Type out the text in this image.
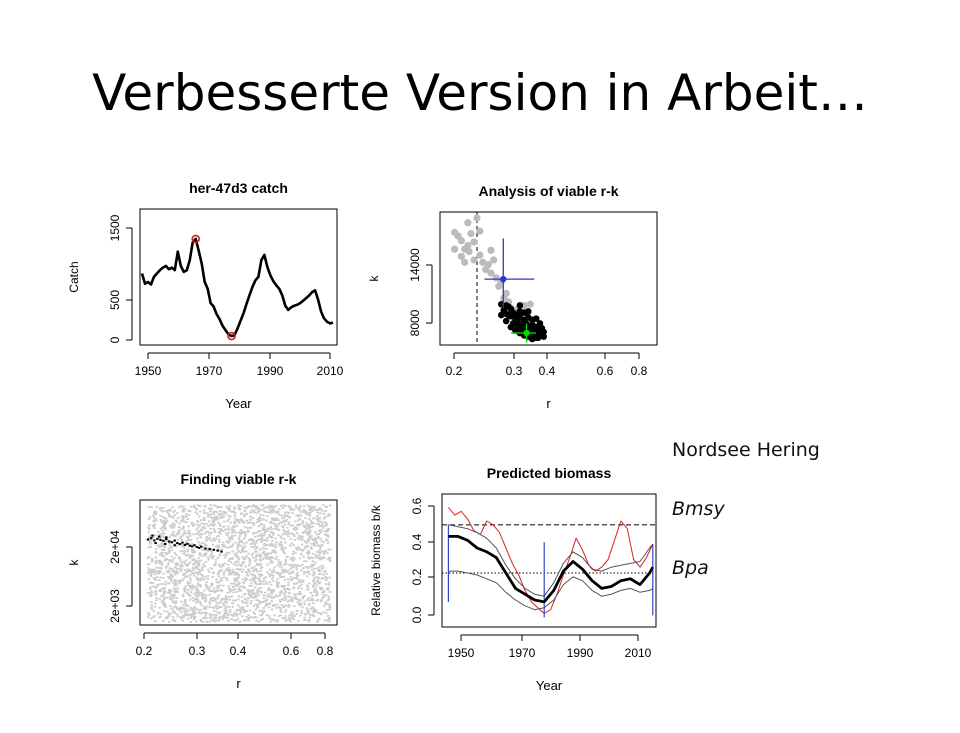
Verbesserte Version in Arbeit…
her-47d3 catch
Year
Catch
1950	1970	1990	2010
0
500
1500
Analysis of viable r-k
r
k
0.2	0.3 0.4	0.6 0.8
8000
14000
Finding viable r-k
r
k
0.2	0.3 0.4	0.6 0.8
2e+03
2e+04
Predicted biomass
Year
Relative biomass b/k
1950	1970	1990	2010
0.0
0.2
0.4
0.6
Nordsee Hering
Bmsy
Bpa
